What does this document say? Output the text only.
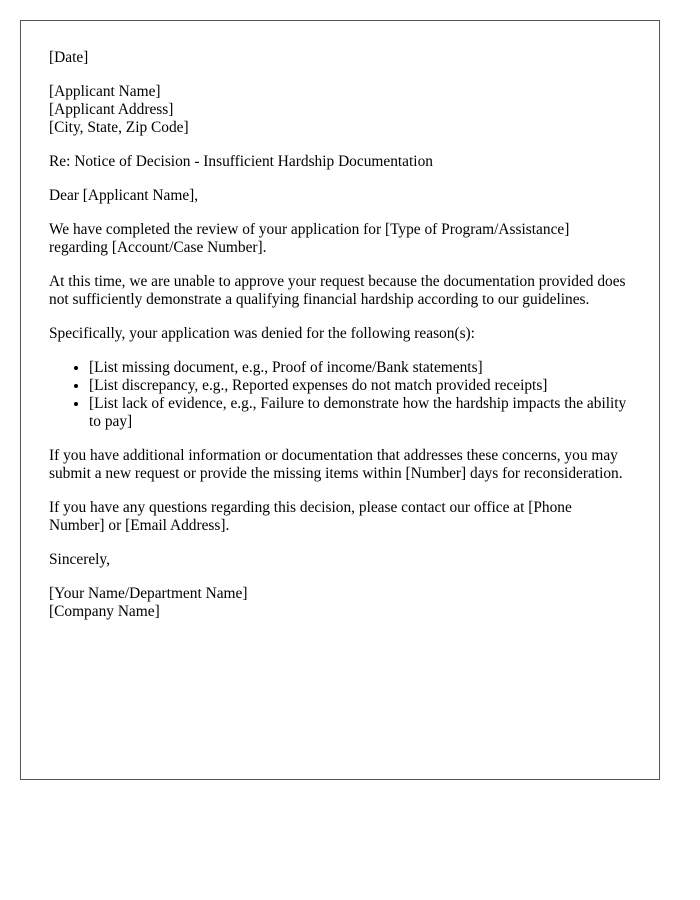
[Date]

[Applicant Name]
[Applicant Address]
[City, State, Zip Code]

Re: Notice of Decision - Insufficient Hardship Documentation

Dear [Applicant Name],

We have completed the review of your application for [Type of Program/Assistance] regarding [Account/Case Number].

At this time, we are unable to approve your request because the documentation provided does not sufficiently demonstrate a qualifying financial hardship according to our guidelines.

Specifically, your application was denied for the following reason(s):

• [List missing document, e.g., Proof of income/Bank statements]
• [List discrepancy, e.g., Reported expenses do not match provided receipts]
• [List lack of evidence, e.g., Failure to demonstrate how the hardship impacts the ability to pay]

If you have additional information or documentation that addresses these concerns, you may submit a new request or provide the missing items within [Number] days for reconsideration.

If you have any questions regarding this decision, please contact our office at [Phone Number] or [Email Address].

Sincerely,

[Your Name/Department Name]
[Company Name]
